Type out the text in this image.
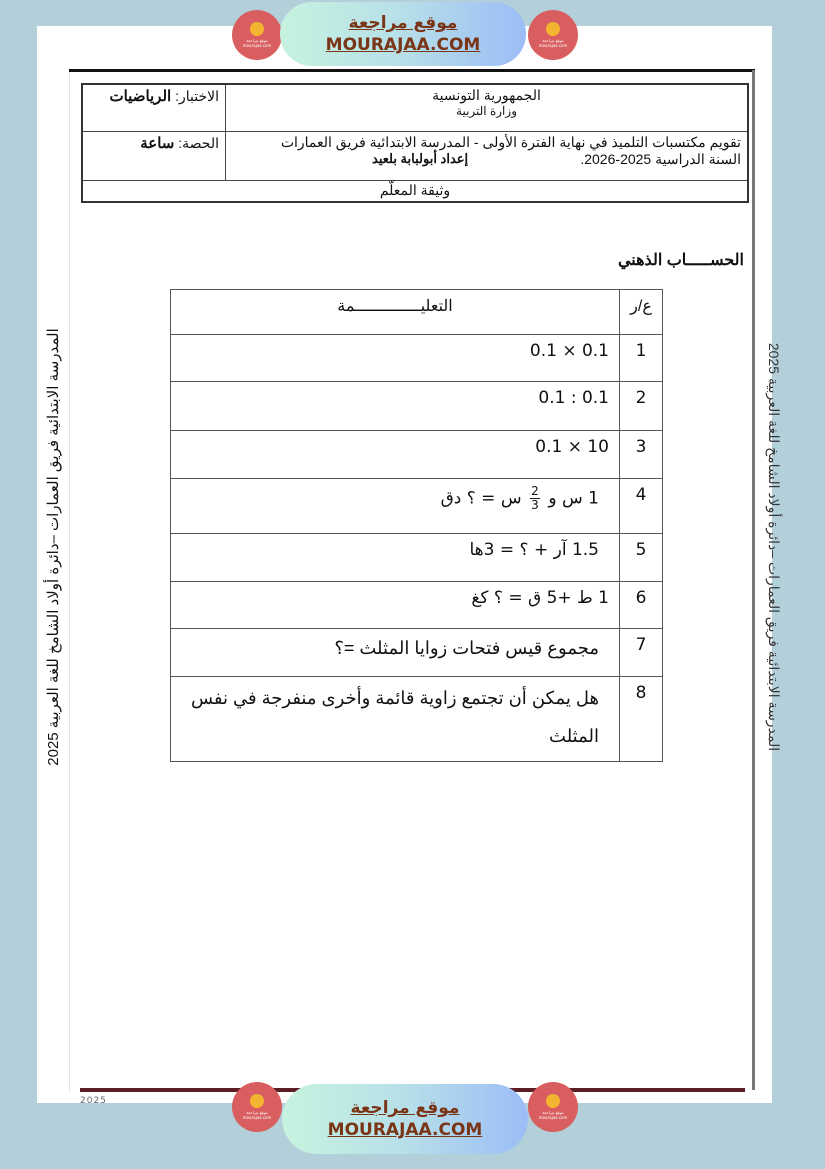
الجمهورية التونسية
وزارة التربية	الاختبار: الرياضيات

تقويم مكتسبات التلميذ في نهاية الفترة الأولى - المدرسة الابتدائية فريق العمارات
السنة الدراسية 2025-2026.
إعداد أبولبابة بلعيد	الحصة: ساعة
وثيقة المعلّم	
الحســـــاب الذهني
ع/ر	التعليــــــــــــــمة
1	0.1 × 0.1
2	0.1 : 0.1
3	0.1 × 10
4	1 س و
$\frac{2}{3}$
س = ؟ دق
5	1.5 آر + ؟ = 3ها
6	1 ط +5 ق = ؟ كغ
7	مجموع قيس فتحات زوايا المثلث =؟
8	هل يمكن أن تجتمع زاوية قائمة وأخرى منفرجة في نفس المثلث
المدرسة الابتدائية فريق العمارات –دائرة أولاد الشامخ للغة العربية 2025	المدرسة الابتدائية فريق العمارات –دائرة أولاد الشامخ للغة العربية 2025
2025
موقع مراجعة
mourajaa.com
موقع مراجعة
MOURAJAA.COM	موقع مراجعة
mourajaa.com
موقع مراجعة
mourajaa.com	موقع مراجعة
MOURAJAA.COM
موقع مراجعة
mourajaa.com
